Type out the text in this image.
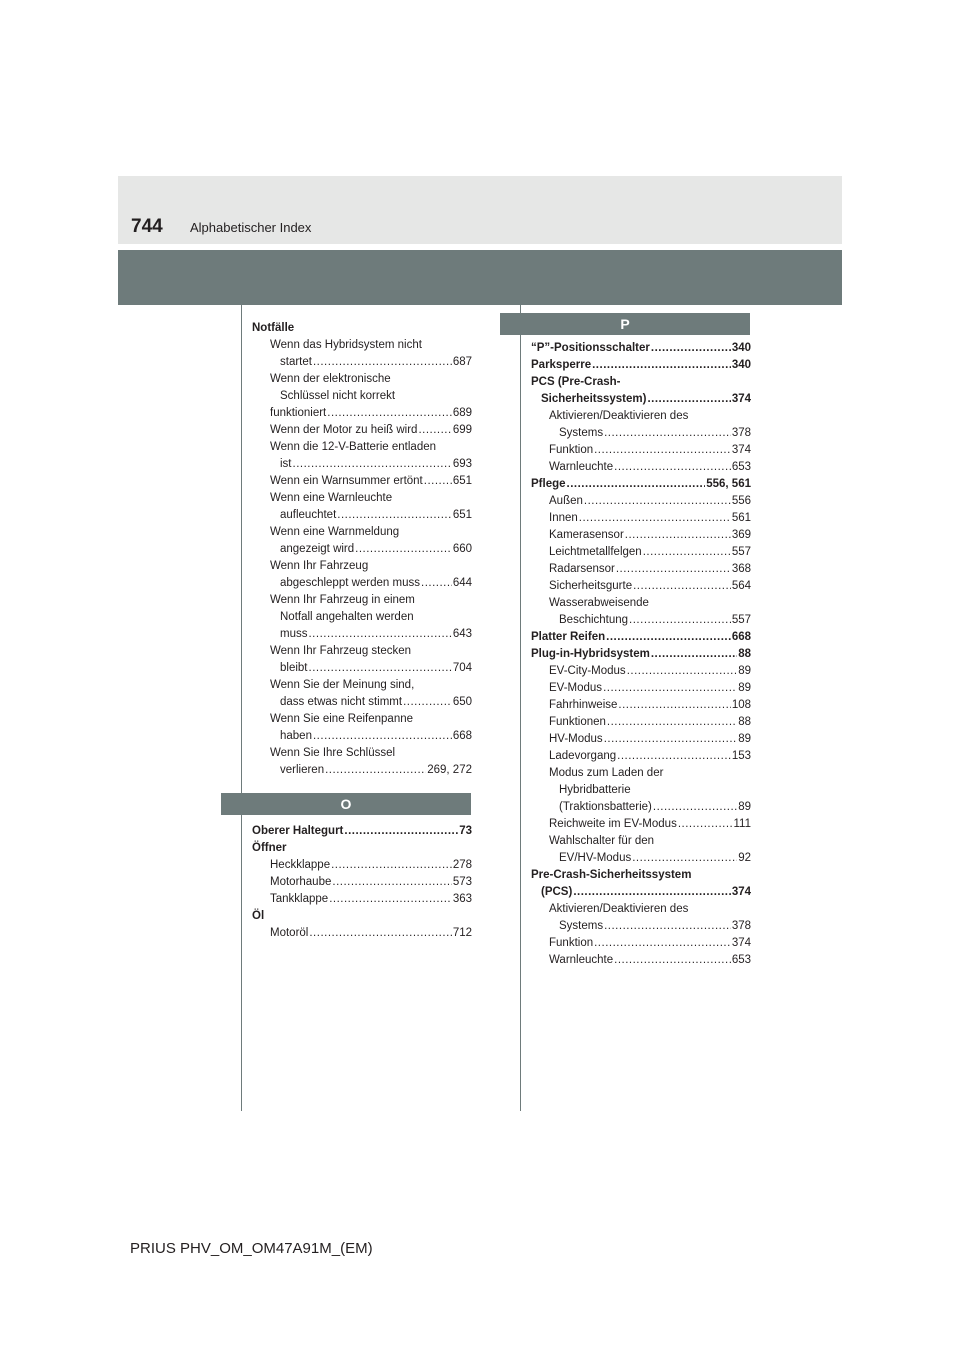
744 Alphabetischer Index
Notfälle
Wenn das Hybridsystem nicht
startet .....	687
Wenn der elektronische
Schlüssel nicht korrekt
funktioniert .....	689
Wenn der Motor zu heiß wird .....	699
Wenn die 12-V-Batterie entladen
ist .....	693
Wenn ein Warnsummer ertönt .....	651
Wenn eine Warnleuchte
aufleuchtet .....	651
Wenn eine Warnmeldung
angezeigt wird .....	660
Wenn Ihr Fahrzeug
abgeschleppt werden muss .....	644
Wenn Ihr Fahrzeug in einem
Notfall angehalten werden
muss .....	643
Wenn Ihr Fahrzeug stecken
bleibt .....	704
Wenn Sie der Meinung sind,
dass etwas nicht stimmt .....	650
Wenn Sie eine Reifenpanne
haben .....	668
Wenn Sie Ihre Schlüssel
verlieren .....	269, 272
O
Oberer Haltegurt .....	73
Öffner
Heckklappe .....	278
Motorhaube .....	573
Tankklappe .....	363
Öl
Motoröl .....	712
P
“P”-Positionsschalter .....	340
Parksperre .....	340
PCS (Pre-Crash-
Sicherheitssystem) .....	374
Aktivieren/Deaktivieren des
Systems .....	378
Funktion .....	374
Warnleuchte .....	653
Pflege .....	556, 561
Außen .....	556
Innen .....	561
Kamerasensor .....	369
Leichtmetallfelgen .....	557
Radarsensor .....	368
Sicherheitsgurte .....	564
Wasserabweisende
Beschichtung .....	557
Platter Reifen .....	668
Plug-in-Hybridsystem .....	88
EV-City-Modus .....	89
EV-Modus .....	89
Fahrhinweise .....	108
Funktionen .....	88
HV-Modus .....	89
Ladevorgang .....	153
Modus zum Laden der
Hybridbatterie
(Traktionsbatterie) .....	89
Reichweite im EV-Modus .....	111
Wahlschalter für den
EV/HV-Modus .....	92
Pre-Crash-Sicherheitssystem
(PCS) .....	374
Aktivieren/Deaktivieren des
Systems .....	378
Funktion .....	374
Warnleuchte .....	653
PRIUS PHV_OM_OM47A91M_(EM)
